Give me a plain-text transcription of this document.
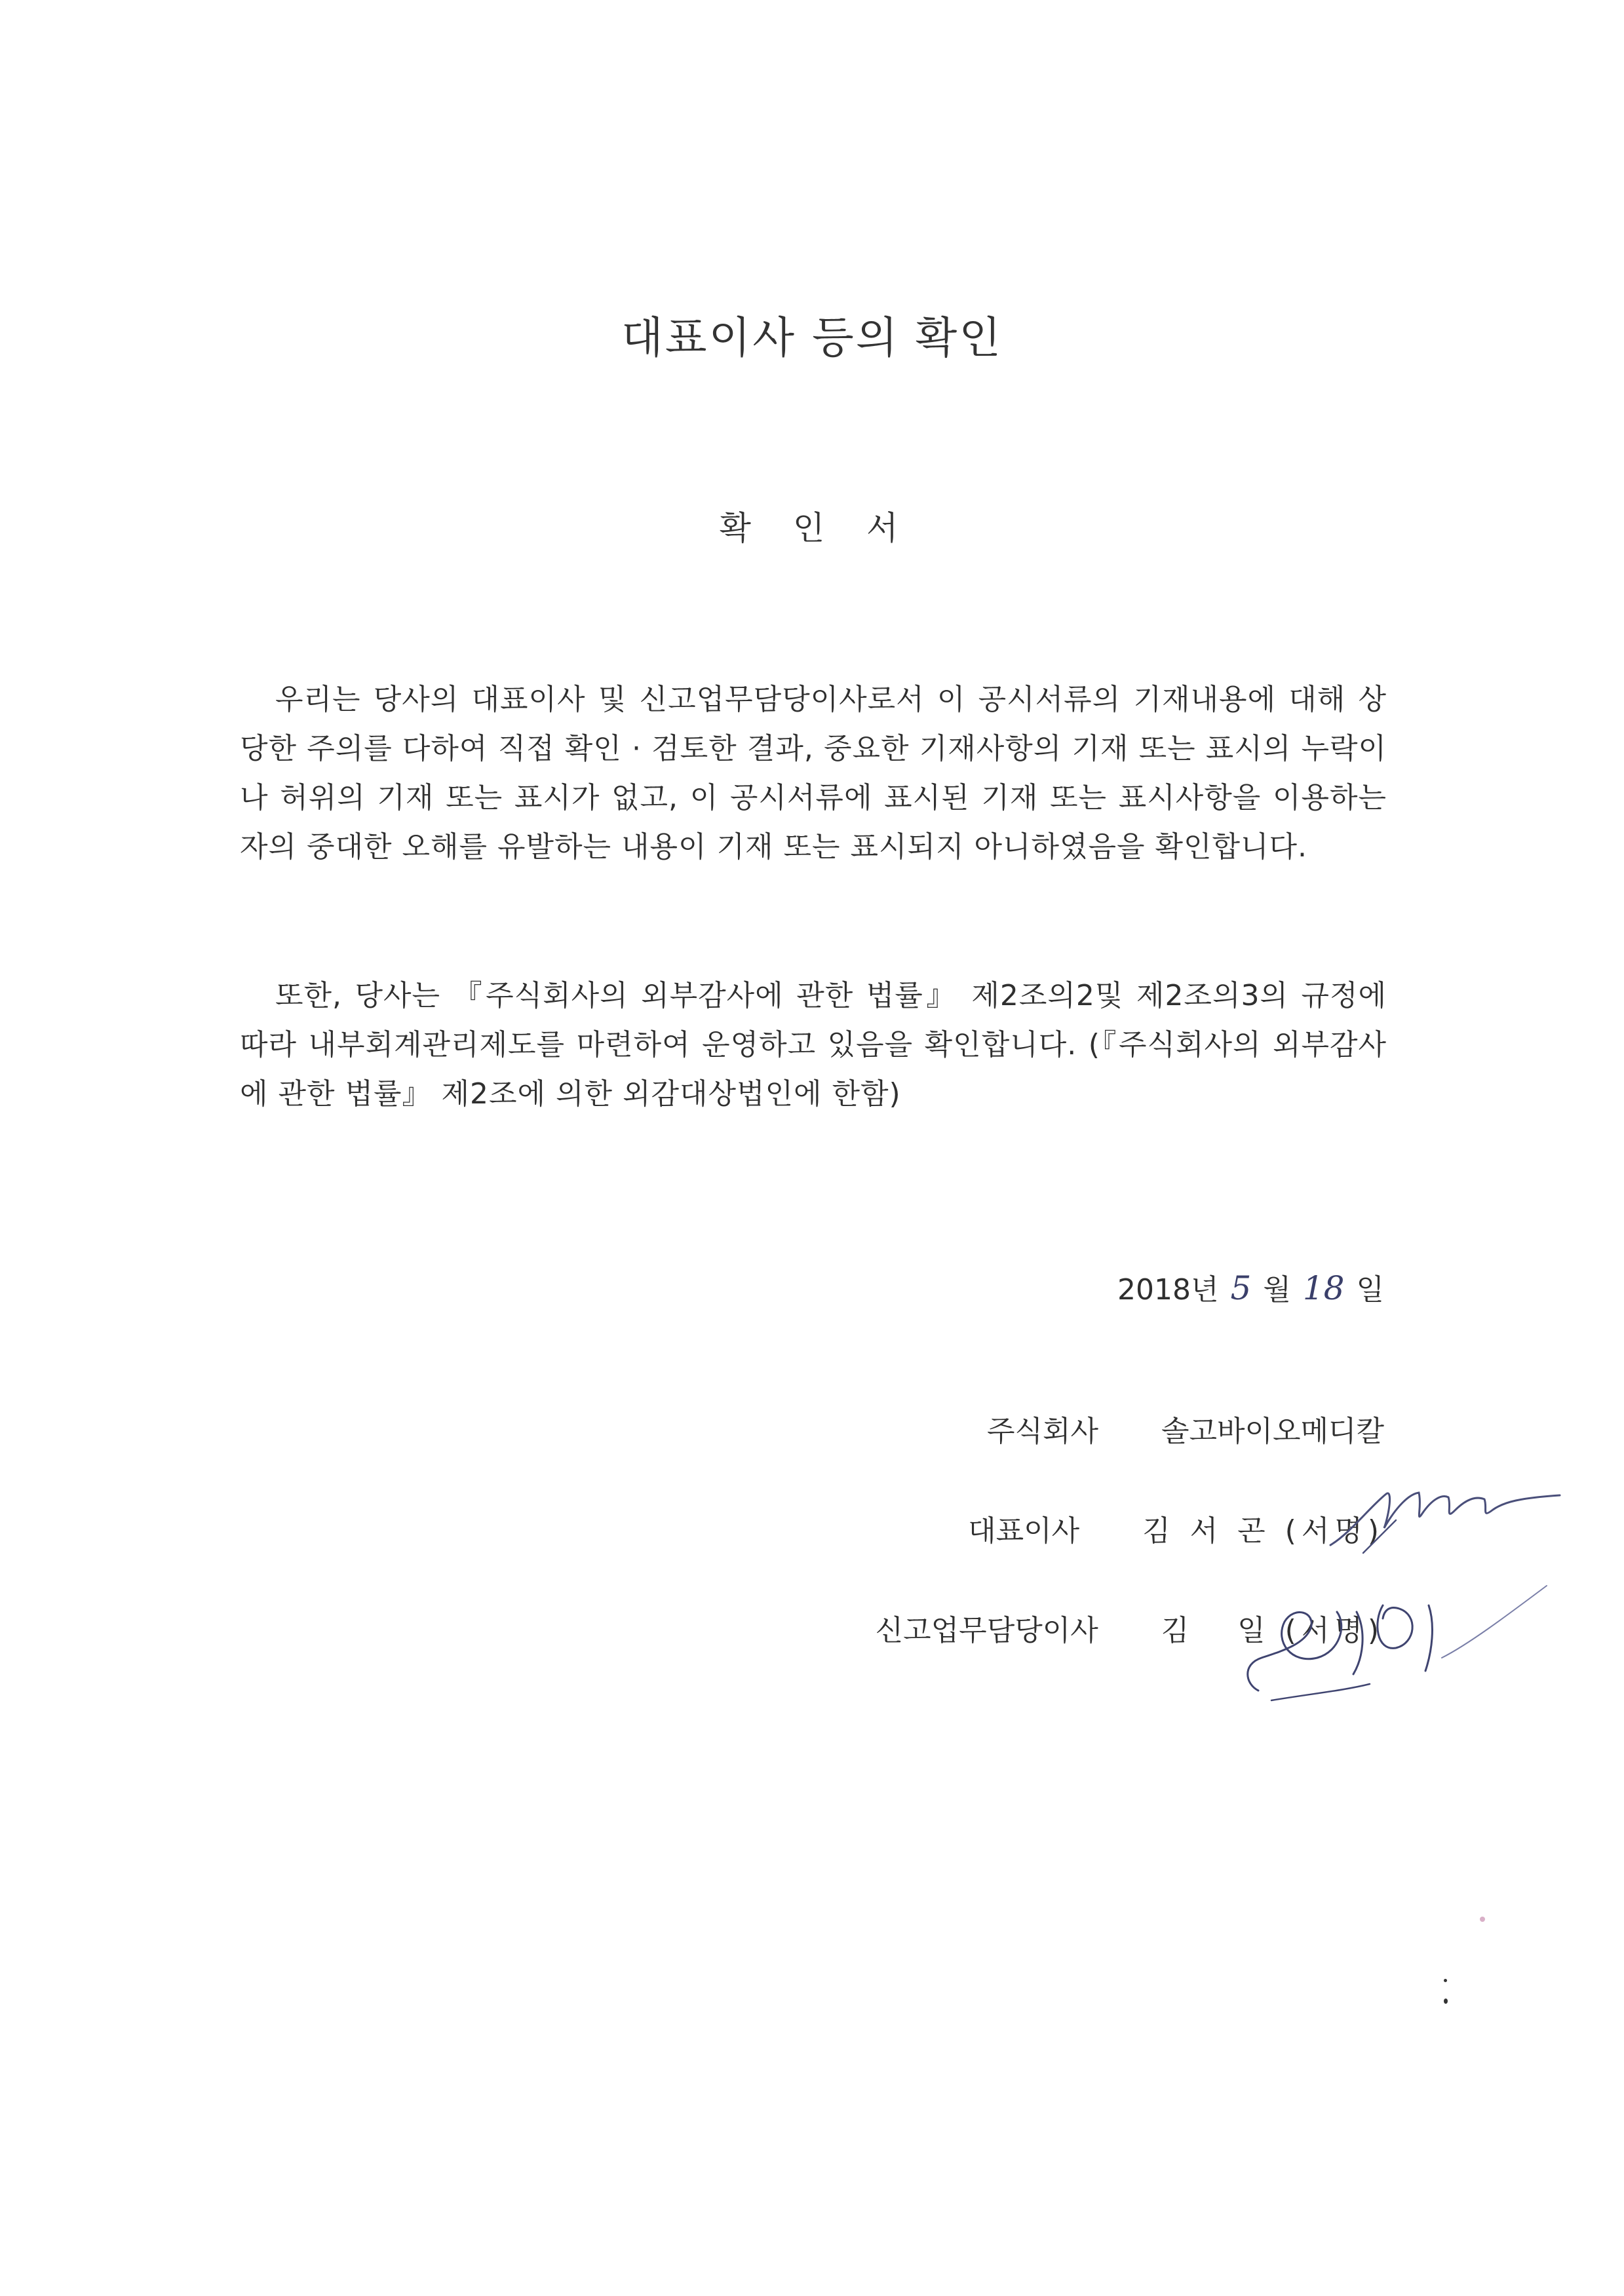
대표이사 등의 확인
확 인 서

우리는 당사의 대표이사 및 신고업무담당이사로서 이 공시서류의 기재내용에 대해 상당한 주의를 다하여 직접 확인 · 검토한 결과, 중요한 기재사항의 기재 또는 표시의 누락이나 허위의 기재 또는 표시가 없고, 이 공시서류에 표시된 기재 또는 표시사항을 이용하는 자의 중대한 오해를 유발하는 내용이 기재 또는 표시되지 아니하였음을 확인합니다.

또한, 당사는 『주식회사의 외부감사에 관한 법률』 제2조의2및 제2조의3의 규정에 따라 내부회계관리제도를 마련하여 운영하고 있음을 확인합니다. (『주식회사의 외부감사에 관한 법률』 제2조에 의한 외감대상법인에 한함)

2018년 5 월 18 일
주식회사 솔고바이오메디칼
대표이사 김 서 곤 (서명)
신고업무담당이사 김   일 (서명)
